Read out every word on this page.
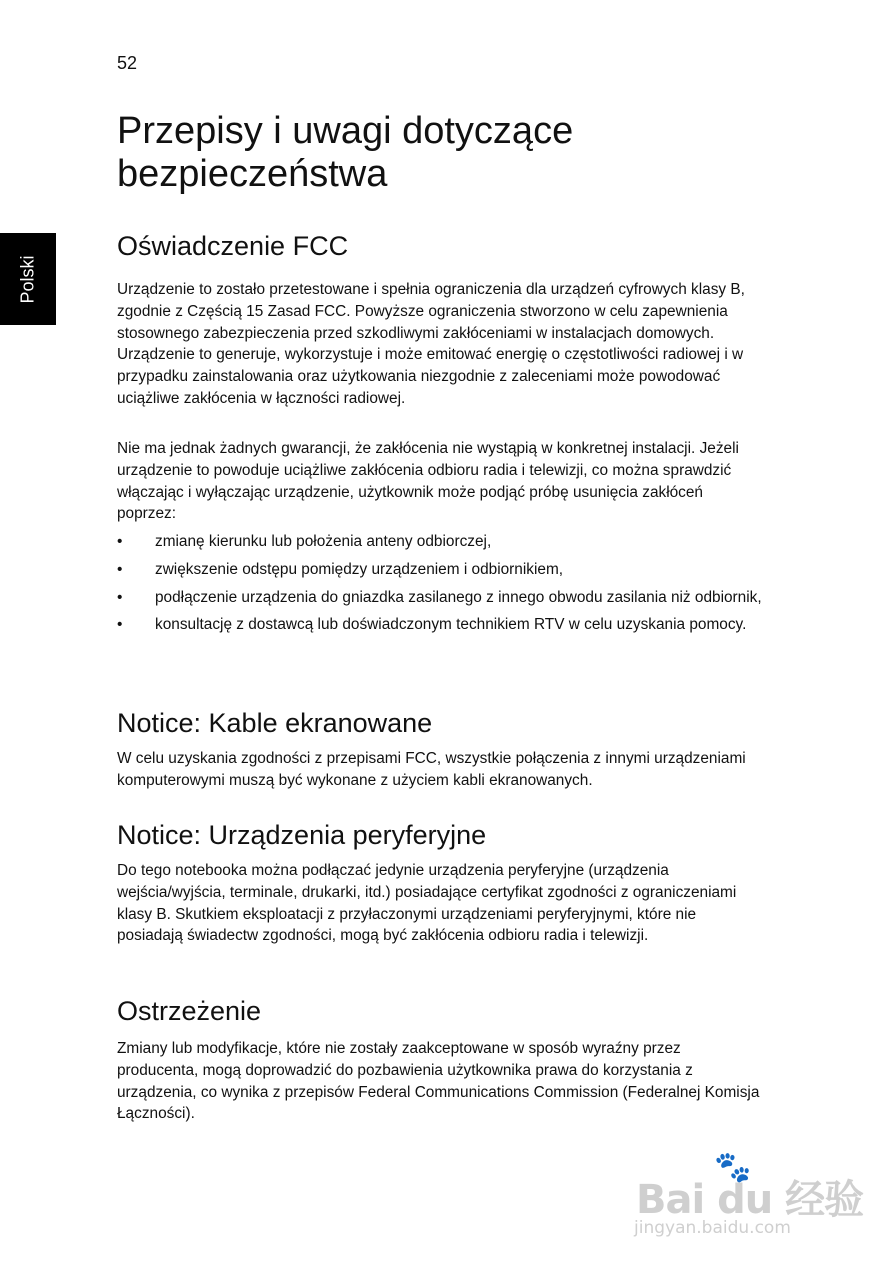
52
Polski
Przepisy i uwagi dotyczące bezpieczeństwa
Oświadczenie FCC

Urządzenie to zostało przetestowane i spełnia ograniczenia dla urządzeń cyfrowych klasy B, zgodnie z Częścią 15 Zasad FCC. Powyższe ograniczenia stworzono w celu zapewnienia stosownego zabezpieczenia przed szkodliwymi zakłóceniami w instalacjach domowych. Urządzenie to generuje, wykorzystuje i może emitować energię o częstotliwości radiowej i w przypadku zainstalowania oraz użytkowania niezgodnie z zaleceniami może powodować uciążliwe zakłócenia w łączności radiowej.

Nie ma jednak żadnych gwarancji, że zakłócenia nie wystąpią w konkretnej instalacji. Jeżeli urządzenie to powoduje uciążliwe zakłócenia odbioru radia i telewizji, co można sprawdzić włączając i wyłączając urządzenie, użytkownik może podjąć próbę usunięcia zakłóceń poprzez:

• zmianę kierunku lub położenia anteny odbiorczej,
• zwiększenie odstępu pomiędzy urządzeniem i odbiornikiem,
• podłączenie urządzenia do gniazdka zasilanego z innego obwodu zasilania niż odbiornik,
• konsultację z dostawcą lub doświadczonym technikiem RTV w celu uzyskania pomocy.
Notice: Kable ekranowane

W celu uzyskania zgodności z przepisami FCC, wszystkie połączenia z innymi urządzeniami komputerowymi muszą być wykonane z użyciem kabli ekranowanych.

Notice: Urządzenia peryferyjne

Do tego notebooka można podłączać jedynie urządzenia peryferyjne (urządzenia wejścia/wyjścia, terminale, drukarki, itd.) posiadające certyfikat zgodności z ograniczeniami klasy B. Skutkiem eksploatacji z przyłaczonymi urządzeniami peryferyjnymi, które nie posiadają świadectw zgodności, mogą być zakłócenia odbioru radia i telewizji.

Ostrzeżenie

Zmiany lub modyfikacje, które nie zostały zaakceptowane w sposób wyraźny przez producenta, mogą doprowadzić do pozbawienia użytkownika prawa do korzystania z urządzenia, co wynika z przepisów Federal Communications Commission (Federalnej Komisja Łączności).

🐾
Bai du 经验
jingyan.baidu.com
